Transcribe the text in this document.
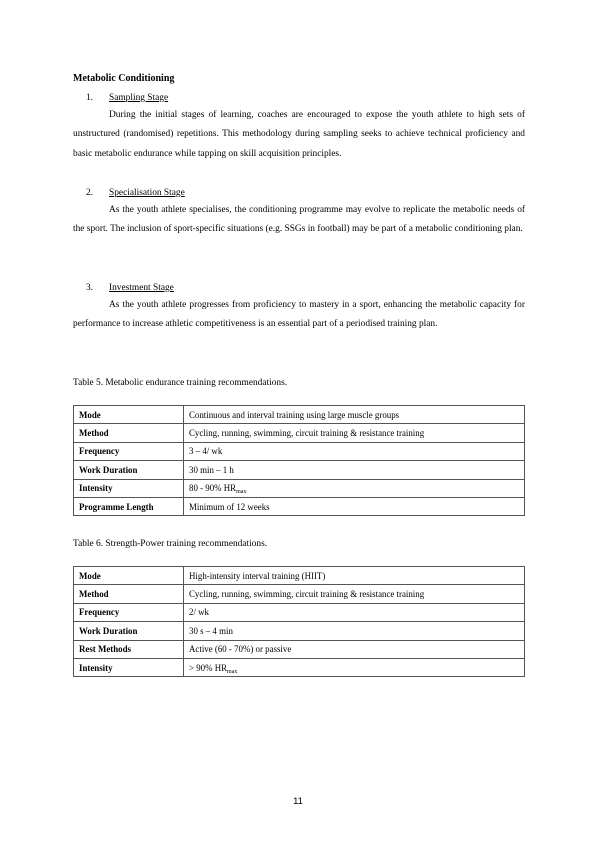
Metabolic Conditioning
1. Sampling Stage

During the initial stages of learning, coaches are encouraged to expose the youth athlete to high sets of unstructured (randomised) repetitions. This methodology during sampling seeks to achieve technical proficiency and basic metabolic endurance while tapping on skill acquisition principles.

2. Specialisation Stage

As the youth athlete specialises, the conditioning programme may evolve to replicate the metabolic needs of the sport. The inclusion of sport-specific situations (e.g. SSGs in football) may be part of a metabolic conditioning plan.

3. Investment Stage

As the youth athlete progresses from proficiency to mastery in a sport, enhancing the metabolic capacity for performance to increase athletic competitiveness is an essential part of a periodised training plan.

Table 5. Metabolic endurance training recommendations.
Mode	Continuous and interval training using large muscle groups
Method	Cycling, running, swimming, circuit training & resistance training
Frequency	3 – 4/ wk
Work Duration	30 min – 1 h
Intensity	80 - 90% $HR_{max}$
Programme Length	Minimum of 12 weeks
Table 6. Strength-Power training recommendations.
Mode	High-intensity interval training (HIIT)
Method	Cycling, running, swimming, circuit training & resistance training
Frequency	2/ wk
Work Duration	30 s – 4 min
Rest Methods	Active (60 - 70%) or passive
Intensity	> 90% $HR_{max}$
11
